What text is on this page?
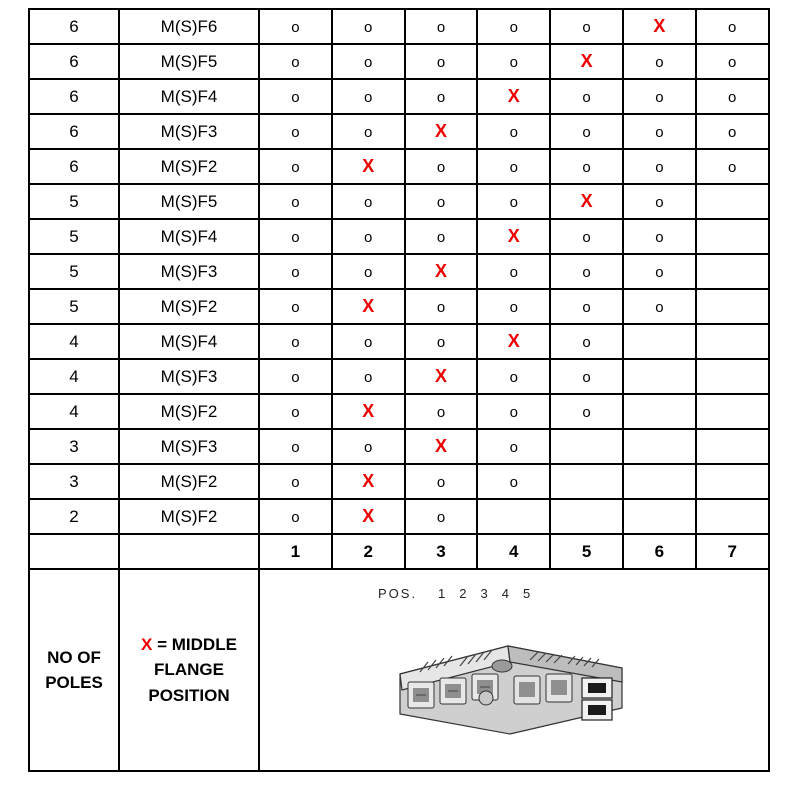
6	M(S)F6	o	o	o	o	o	X	o
6	M(S)F5	o	o	o	o	X	o	o
6	M(S)F4	o	o	o	X	o	o	o
6	M(S)F3	o	o	X	o	o	o	o
6	M(S)F2	o	X	o	o	o	o	o
5	M(S)F5	o	o	o	o	X	o	
5	M(S)F4	o	o	o	X	o	o	
5	M(S)F3	o	o	X	o	o	o	
5	M(S)F2	o	X	o	o	o	o	
4	M(S)F4	o	o	o	X	o		
4	M(S)F3	o	o	X	o	o		
4	M(S)F2	o	X	o	o	o		
3	M(S)F3	o	o	X	o			
3	M(S)F2	o	X	o	o			
2	M(S)F2	o	X	o				
		1	2	3	4	5	6	7

NO OF
POLES

X = MIDDLE
FLANGE
POSITION

POS. 1 2 3 4 5
